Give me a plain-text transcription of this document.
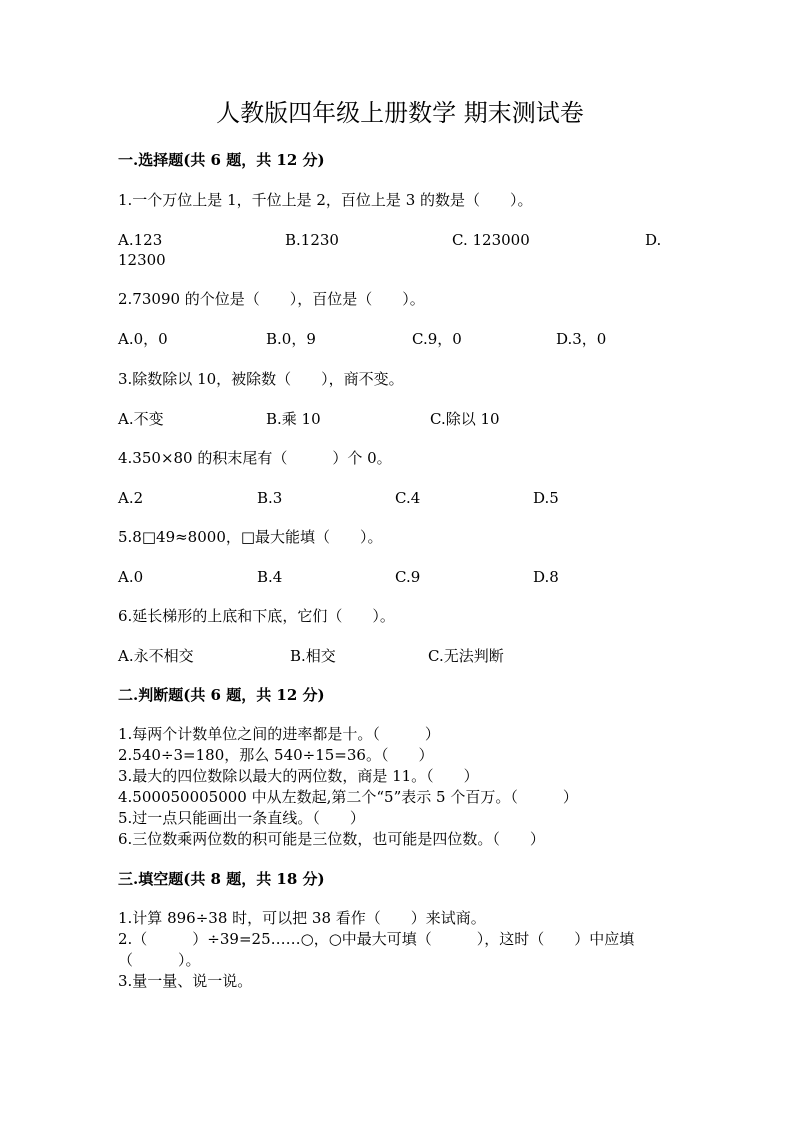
人教版四年级上册数学 期末测试卷
一.选择题(共 6 题，共 12 分)
1.一个万位上是 1，千位上是 2，百位上是 3 的数是（　　）。
A.123	B.1230	C. 123000	D.
12300
2.73090 的个位是（　　），百位是（　　）。
A.0，0	B.0，9	C.9，0	D.3，0
3.除数除以 10，被除数（　　），商不变。
A.不变	B.乘 10	C.除以 10
4.350×80 的积末尾有（　　　）个 0。
A.2	B.3	C.4	D.5
5.8□49≈8000，□最大能填（　　）。
A.0	B.4	C.9	D.8
6.延长梯形的上底和下底，它们（　　）。
A.永不相交	B.相交	C.无法判断
二.判断题(共 6 题，共 12 分)
1.每两个计数单位之间的进率都是十。（　　　）
2.540÷3=180，那么 540÷15=36。（　　）
3.最大的四位数除以最大的两位数，商是 11。（　　）
4.500050005000 中从左数起,第二个“5”表示 5 个百万。（　　　）
5.过一点只能画出一条直线。（　　）
6.三位数乘两位数的积可能是三位数，也可能是四位数。（　　）
三.填空题(共 8 题，共 18 分)
1.计算 896÷38 时，可以把 38 看作（　　）来试商。
2.（　　　）÷39=25……○，○中最大可填（　　　），这时（　　）中应填
（　　　）。
3.量一量、说一说。
